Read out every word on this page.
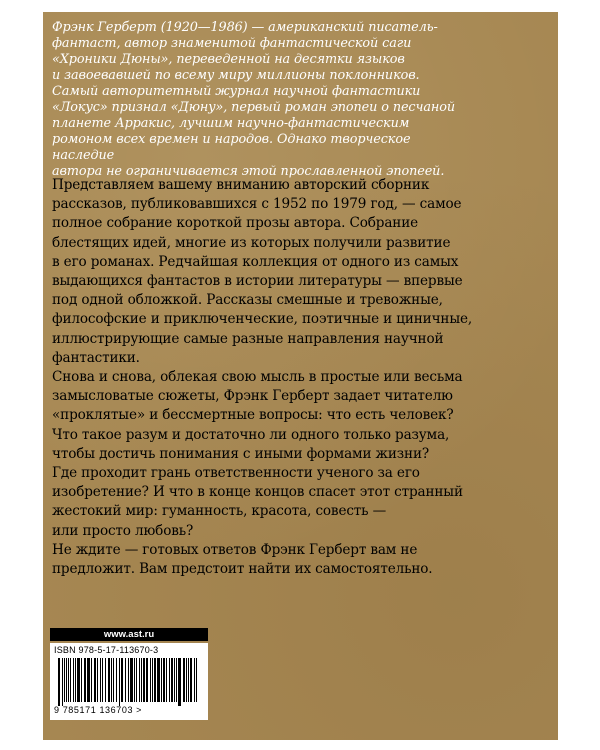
Фрэнк Герберт (1920—1986) — американский писатель-
фантаст, автор знаменитой фантастической саги
«Хроники Дюны», переведенной на десятки языков
и завоевавшей по всему миру миллионы поклонников.
Самый авторитетный журнал научной фантастики
«Локус» признал «Дюну», первый роман эпопеи о песчаной
планете Арракис, лучшим научно-фантастическим
ромоном всех времен и народов. Однако творческое наследие
автора не ограничивается этой прославленной эпопеей.

Представляем вашему вниманию авторский сборник
рассказов, публиковавшихся с 1952 по 1979 год, — самое
полное собрание короткой прозы автора. Собрание
блестящих идей, многие из которых получили развитие
в его романах. Редчайшая коллекция от одного из самых
выдающихся фантастов в истории литературы — впервые
под одной обложкой. Рассказы смешные и тревожные,
философские и приключенческие, поэтичные и циничные,
иллюстрирующие самые разные направления научной
фантастики.

Снова и снова, облекая свою мысль в простые или весьма
замысловатые сюжеты, Фрэнк Герберт задает читателю
«проклятые» и бессмертные вопросы: что есть человек?
Что такое разум и достаточно ли одного только разума,
чтобы достичь понимания с иными формами жизни?
Где проходит грань ответственности ученого за его
изобретение? И что в конце концов спасет этот странный
жестокий мир: гуманность, красота, совесть —
или просто любовь?

Не ждите — готовых ответов Фрэнк Герберт вам не
предложит. Вам предстоит найти их самостоятельно.

www.ast.ru
ISBN 978-5-17-113670-3
9 785171 136703 >
